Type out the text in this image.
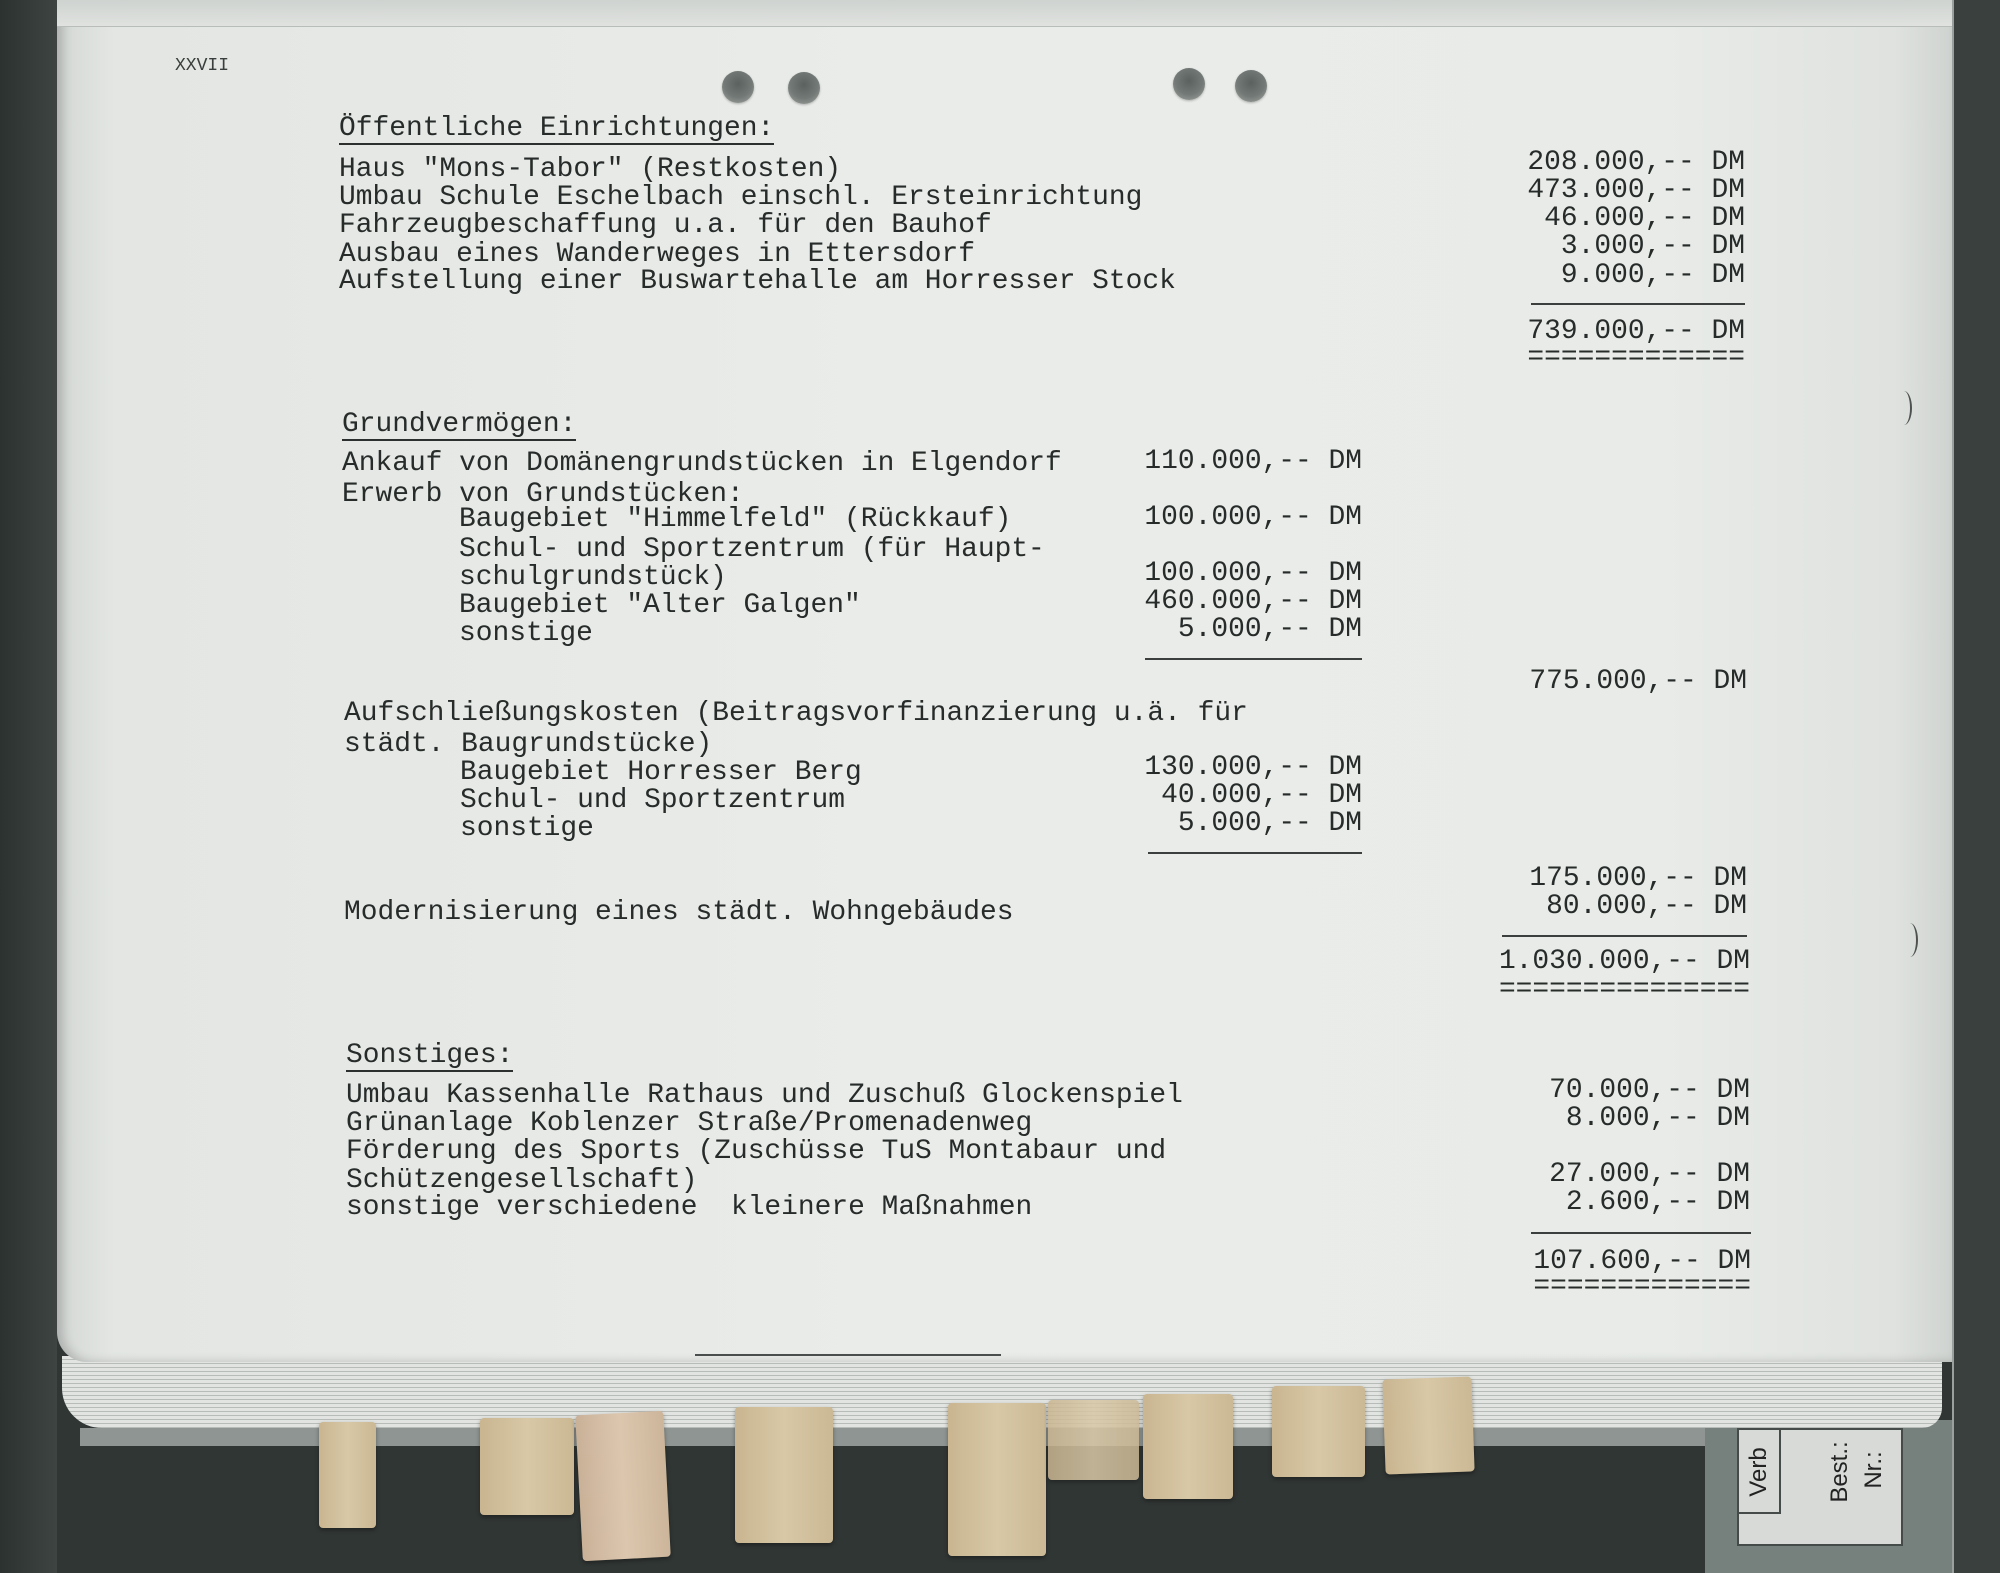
Verb Best.: Nr.:
XXVII
Öffentliche Einrichtungen:
Haus "Mons-Tabor" (Restkosten)	208.000,-- DM
Umbau Schule Eschelbach einschl. Ersteinrichtung	473.000,-- DM
Fahrzeugbeschaffung u.a. für den Bauhof	46.000,-- DM
Ausbau eines Wanderweges in Ettersdorf	3.000,-- DM
Aufstellung einer Buswartehalle am Horresser Stock	9.000,-- DM
739.000,-- DM
=============
Grundvermögen:
Ankauf von Domänengrundstücken in Elgendorf	110.000,-- DM
Erwerb von Grundstücken:
Baugebiet "Himmelfeld" (Rückkauf)	100.000,-- DM
Schul- und Sportzentrum (für Haupt-
schulgrundstück)	100.000,-- DM
Baugebiet "Alter Galgen"	460.000,-- DM
sonstige	5.000,-- DM
775.000,-- DM
Aufschließungskosten (Beitragsvorfinanzierung u.ä. für
städt. Baugrundstücke)
Baugebiet Horresser Berg	130.000,-- DM
Schul- und Sportzentrum	40.000,-- DM
sonstige	5.000,-- DM
175.000,-- DM
Modernisierung eines städt. Wohngebäudes	80.000,-- DM
1.030.000,-- DM
===============
Sonstiges:
Umbau Kassenhalle Rathaus und Zuschuß Glockenspiel	70.000,-- DM
Grünanlage Koblenzer Straße/Promenadenweg	8.000,-- DM
Förderung des Sports (Zuschüsse TuS Montabaur und
Schützengesellschaft)	27.000,-- DM
sonstige verschiedene  kleinere Maßnahmen	2.600,-- DM
107.600,-- DM
=============
